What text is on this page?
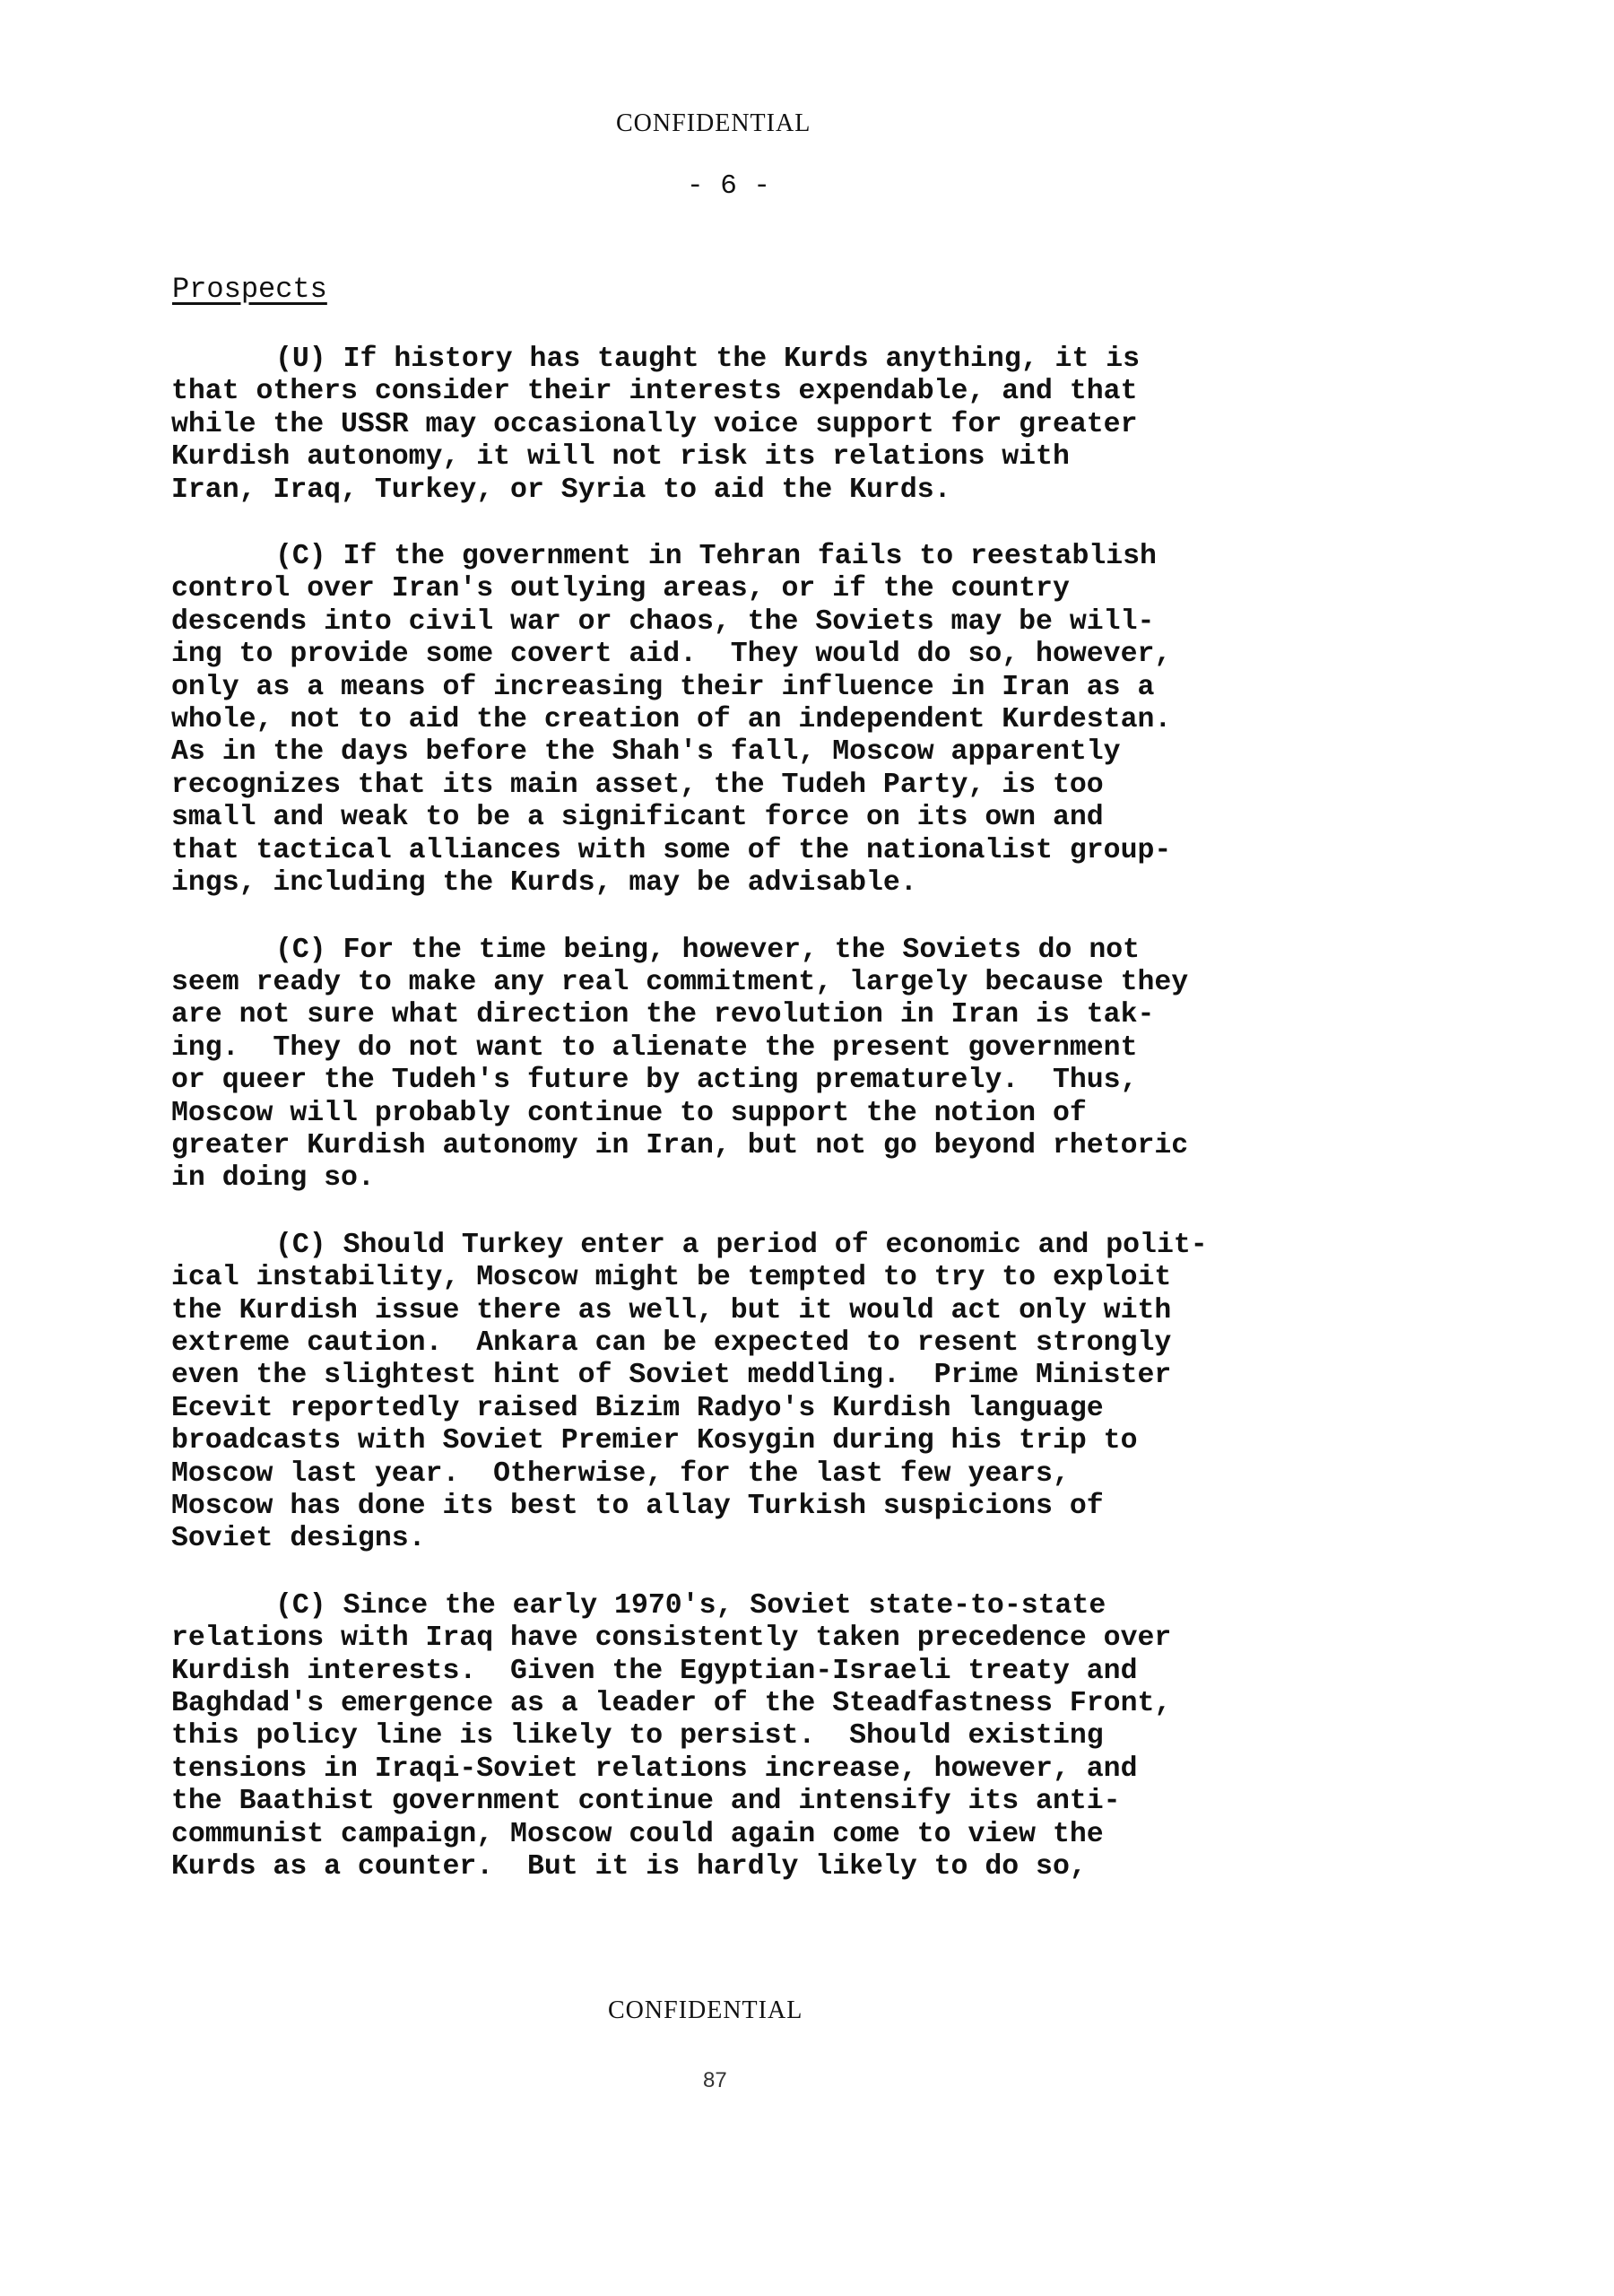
CONFIDENTIAL
- 6 -
Prospects
(U) If history has taught the Kurds anything, it is
that others consider their interests expendable, and that
while the USSR may occasionally voice support for greater
Kurdish autonomy, it will not risk its relations with
Iran, Iraq, Turkey, or Syria to aid the Kurds.
(C) If the government in Tehran fails to reestablish
control over Iran's outlying areas, or if the country
descends into civil war or chaos, the Soviets may be will-
ing to provide some covert aid.  They would do so, however,
only as a means of increasing their influence in Iran as a
whole, not to aid the creation of an independent Kurdestan.
As in the days before the Shah's fall, Moscow apparently
recognizes that its main asset, the Tudeh Party, is too
small and weak to be a significant force on its own and
that tactical alliances with some of the nationalist group-
ings, including the Kurds, may be advisable.
(C) For the time being, however, the Soviets do not
seem ready to make any real commitment, largely because they
are not sure what direction the revolution in Iran is tak-
ing.  They do not want to alienate the present government
or queer the Tudeh's future by acting prematurely.  Thus,
Moscow will probably continue to support the notion of
greater Kurdish autonomy in Iran, but not go beyond rhetoric
in doing so.
(C) Should Turkey enter a period of economic and polit-
ical instability, Moscow might be tempted to try to exploit
the Kurdish issue there as well, but it would act only with
extreme caution.  Ankara can be expected to resent strongly
even the slightest hint of Soviet meddling.  Prime Minister
Ecevit reportedly raised Bizim Radyo's Kurdish language
broadcasts with Soviet Premier Kosygin during his trip to
Moscow last year.  Otherwise, for the last few years,
Moscow has done its best to allay Turkish suspicions of
Soviet designs.
(C) Since the early 1970's, Soviet state-to-state
relations with Iraq have consistently taken precedence over
Kurdish interests.  Given the Egyptian-Israeli treaty and
Baghdad's emergence as a leader of the Steadfastness Front,
this policy line is likely to persist.  Should existing
tensions in Iraqi-Soviet relations increase, however, and
the Baathist government continue and intensify its anti-
communist campaign, Moscow could again come to view the
Kurds as a counter.  But it is hardly likely to do so,
CONFIDENTIAL
87
